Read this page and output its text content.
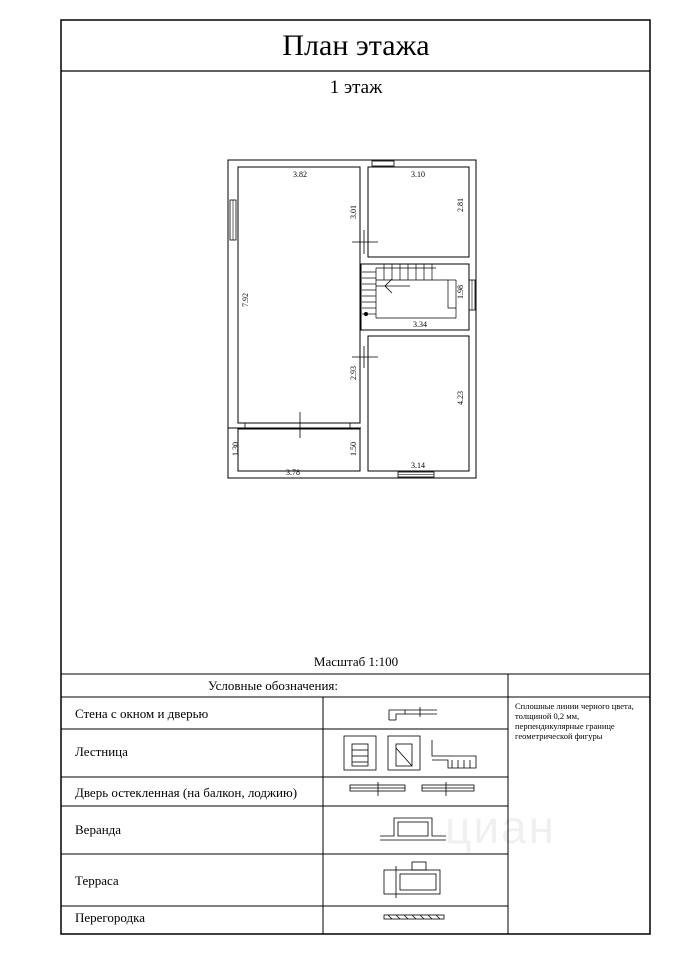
циан
3.82	3.10
7.92
3.01	2.81
1.98
3.34
2.93
4.23
3.14
1.30	1.50
3.78
План этажа
1 этаж
Масштаб 1:100
Условные обозначения:
Стена с окном и дверью
Лестница
Дверь остекленная (на балкон, лоджию)
Веранда
Терраса
Перегородка
Сплошные линии черного цвета, толщиной 0,2 мм, перпендикулярные границе геометрической фигуры
